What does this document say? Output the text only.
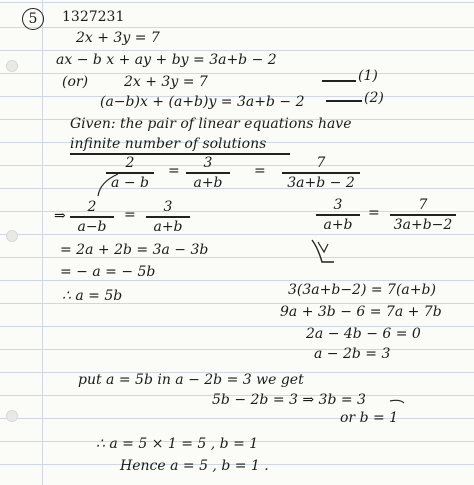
5	1327231
2x + 3y = 7
ax − b x + ay + by = 3a+b − 2
(or)	2x + 3y = 7	(1)
(a−b)x + (a+b)y = 3a+b − 2	(2)
Given: the pair of linear equations have
infinite number of solutions
2
a − b
=	3
a+b
=	7
3a+b − 2
⇒
2
a−b
=	3
a+b
3
a+b
=	7
3a+b−2
= 2a + 2b = 3a − 3b
= − a = − 5b
∴ a = 5b	3(3a+b−2) = 7(a+b)
9a + 3b − 6 = 7a + 7b
2a − 4b − 6 = 0
a − 2b = 3
put a = 5b in a − 2b = 3 we get
5b − 2b = 3 ⇒ 3b = 3
or b = 1
∴ a = 5 × 1 = 5 , b = 1
Hence a = 5 , b = 1 .
